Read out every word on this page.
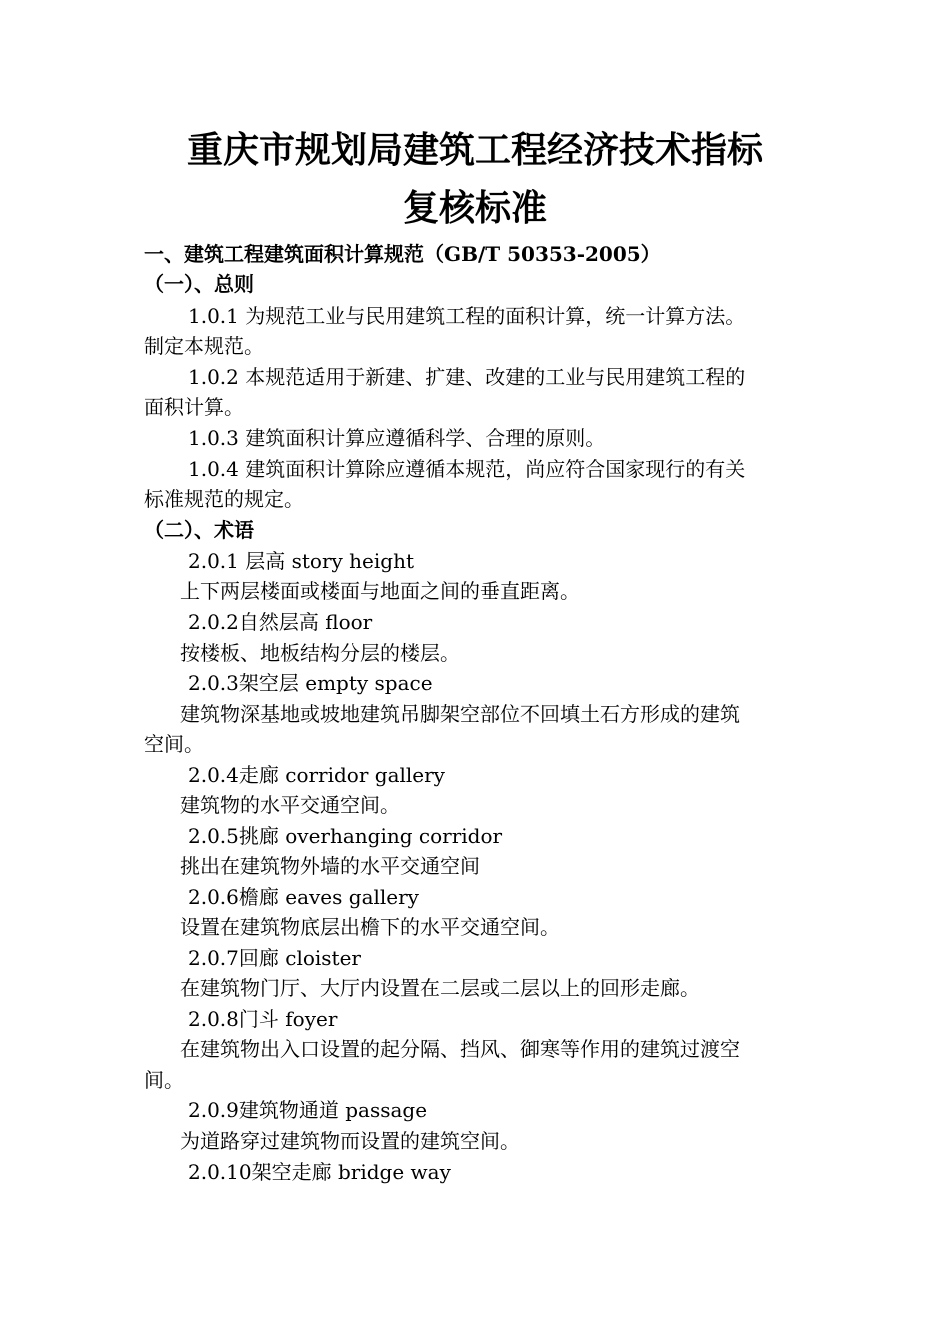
重庆市规划局建筑工程经济技术指标
复核标准
一、建筑工程建筑面积计算规范（GB/T 50353-2005）
（一）、总则
1.0.1 为规范工业与民用建筑工程的面积计算，统一计算方法。
制定本规范。
1.0.2 本规范适用于新建、扩建、改建的工业与民用建筑工程的
面积计算。
1.0.3 建筑面积计算应遵循科学、合理的原则。
1.0.4 建筑面积计算除应遵循本规范，尚应符合国家现行的有关
标准规范的规定。
（二）、术语
2.0.1 层高 story height
上下两层楼面或楼面与地面之间的垂直距离。
2.0.2自然层高 floor
按楼板、地板结构分层的楼层。
2.0.3架空层 empty space
建筑物深基地或坡地建筑吊脚架空部位不回填土石方形成的建筑
空间。
2.0.4走廊 corridor gallery
建筑物的水平交通空间。
2.0.5挑廊 overhanging corridor
挑出在建筑物外墙的水平交通空间
2.0.6檐廊 eaves gallery
设置在建筑物底层出檐下的水平交通空间。
2.0.7回廊 cloister
在建筑物门厅、大厅内设置在二层或二层以上的回形走廊。
2.0.8门斗 foyer
在建筑物出入口设置的起分隔、挡风、御寒等作用的建筑过渡空
间。
2.0.9建筑物通道 passage
为道路穿过建筑物而设置的建筑空间。
2.0.10架空走廊 bridge way
